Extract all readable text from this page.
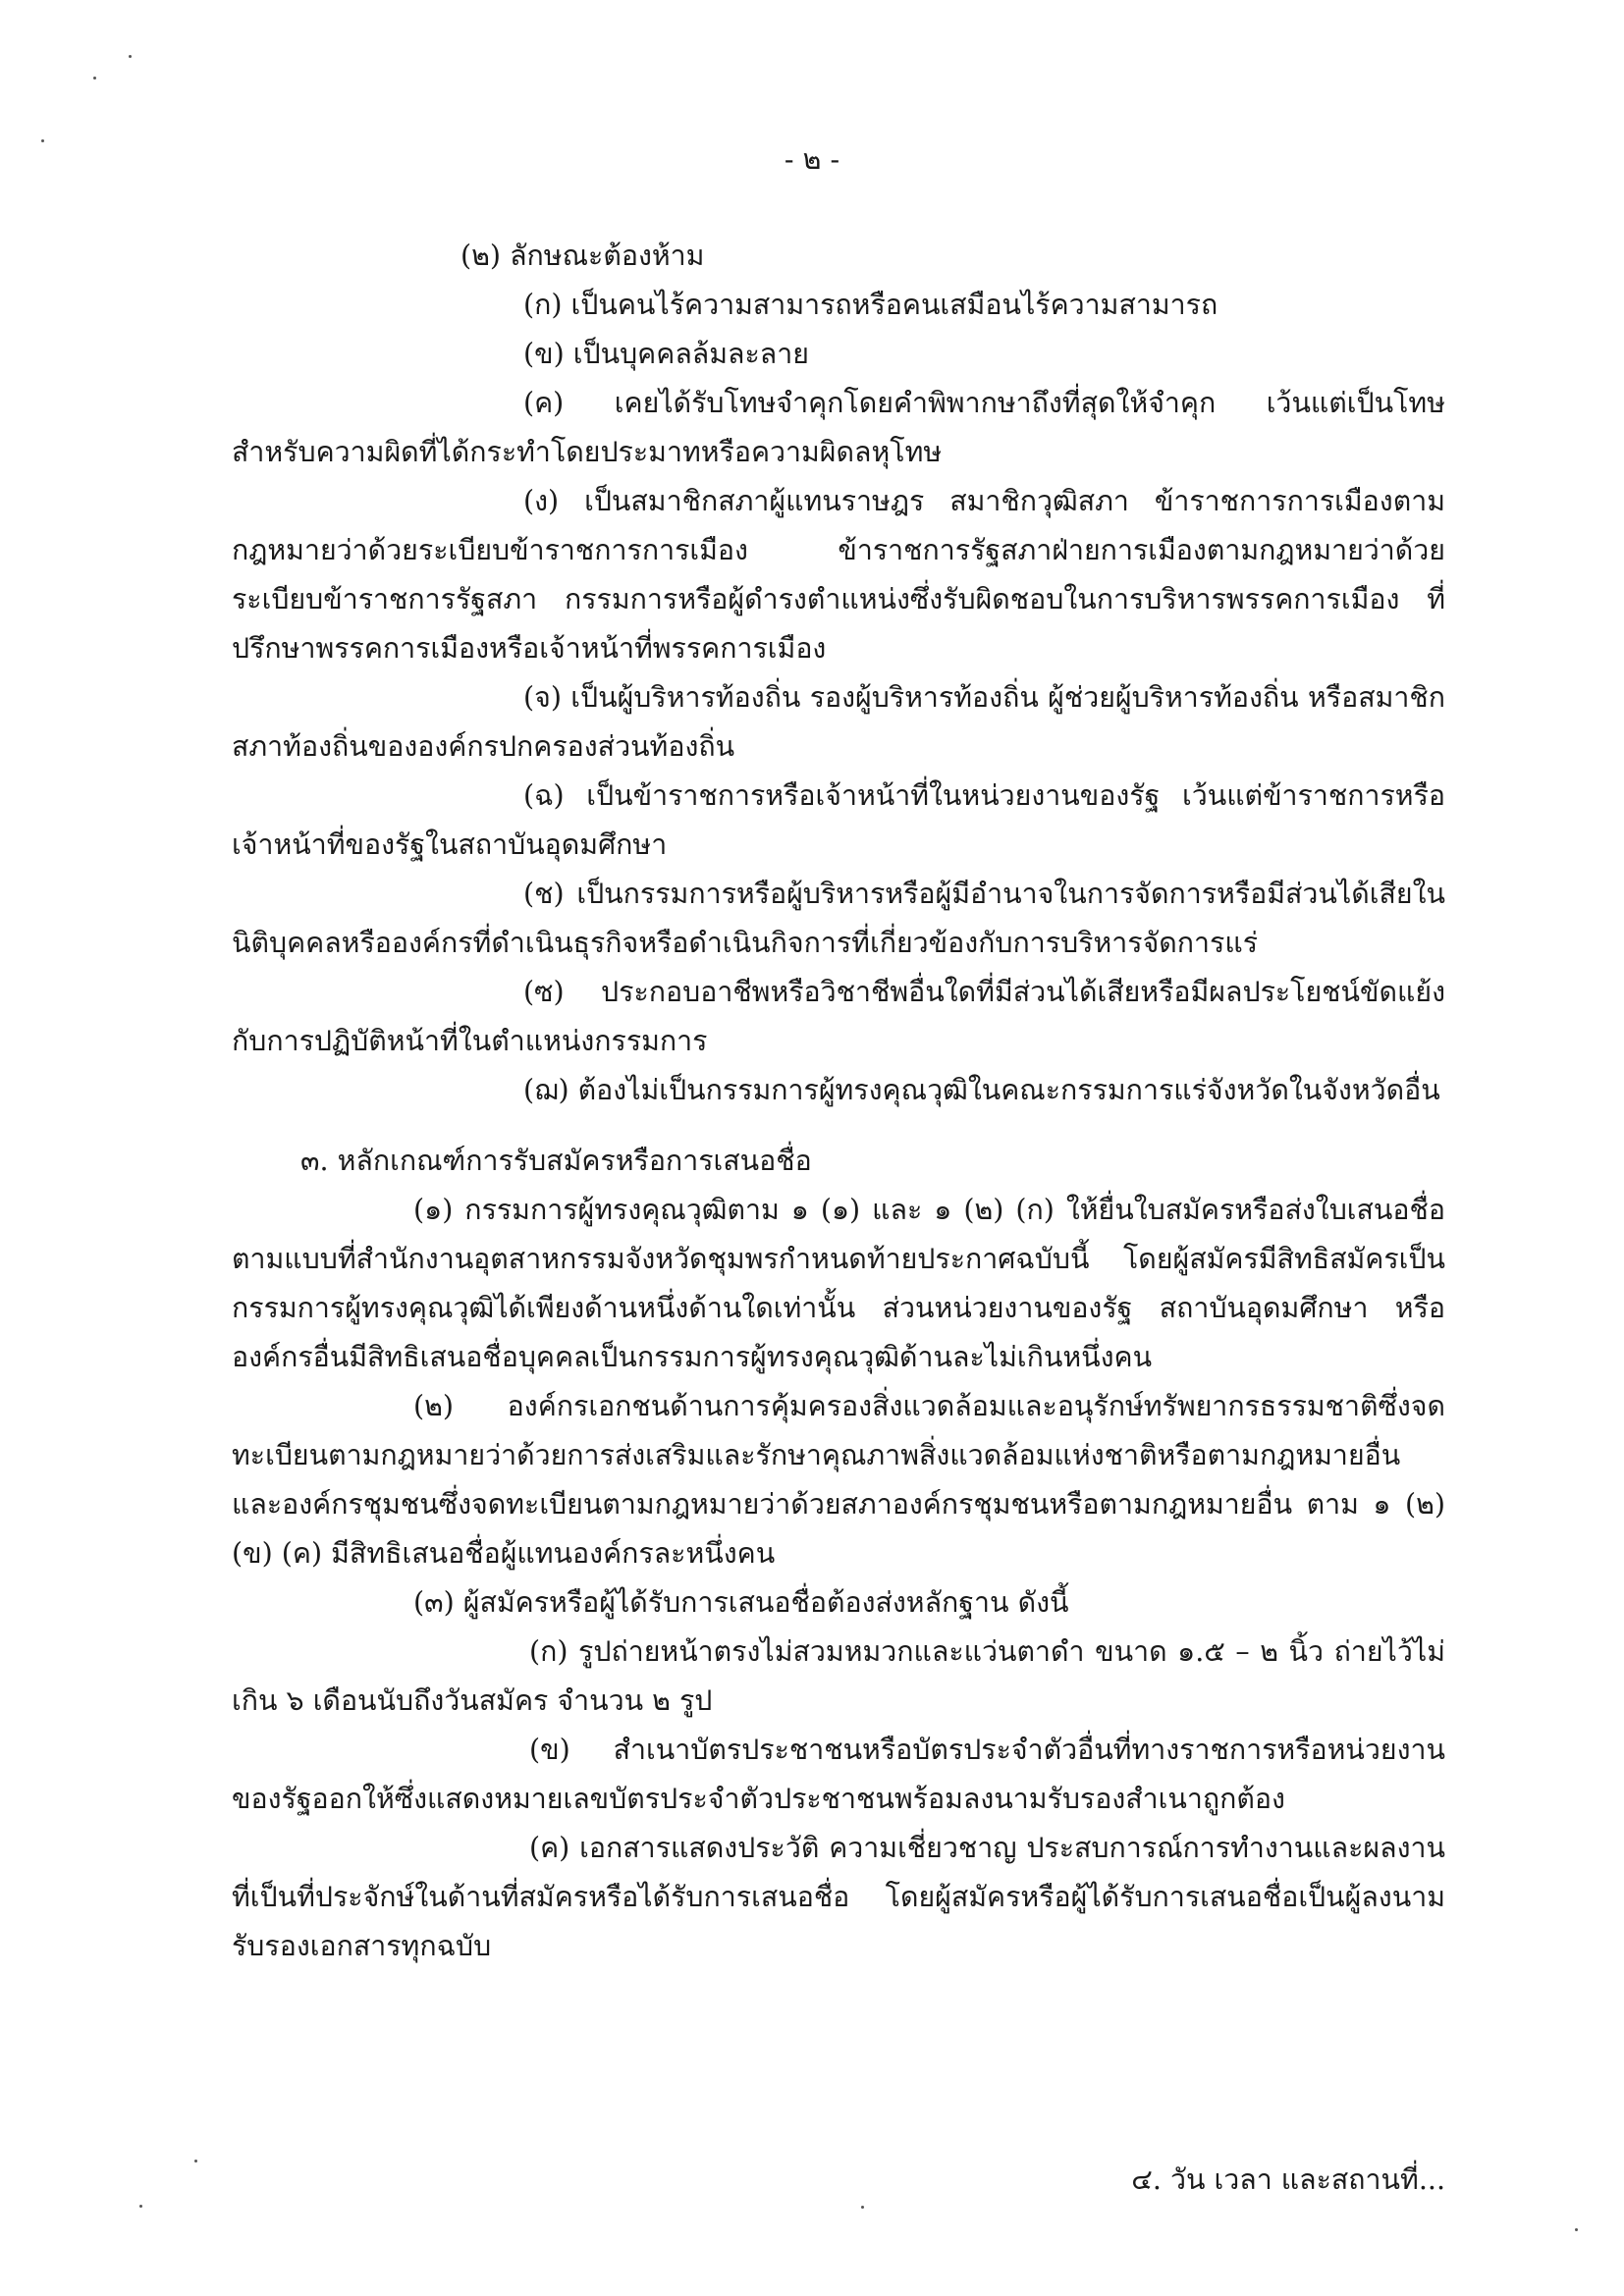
- ๒ -

(๒) ลักษณะต้องห้าม

(ก) เป็นคนไร้ความสามารถหรือคนเสมือนไร้ความสามารถ

(ข) เป็นบุคคลล้มละลาย

(ค) เคยได้รับโทษจำคุกโดยคำพิพากษาถึงที่สุดให้จำคุก เว้นแต่เป็นโทษสำหรับความผิดที่ได้กระทำโดยประมาทหรือความผิดลหุโทษ

(ง) เป็นสมาชิกสภาผู้แทนราษฎร สมาชิกวุฒิสภา ข้าราชการการเมืองตามกฎหมายว่าด้วยระเบียบข้าราชการการเมือง ข้าราชการรัฐสภาฝ่ายการเมืองตามกฎหมายว่าด้วยระเบียบข้าราชการรัฐสภา กรรมการหรือผู้ดำรงตำแหน่งซึ่งรับผิดชอบในการบริหารพรรคการเมือง ที่ปรึกษาพรรคการเมืองหรือเจ้าหน้าที่พรรคการเมือง

(จ) เป็นผู้บริหารท้องถิ่น รองผู้บริหารท้องถิ่น ผู้ช่วยผู้บริหารท้องถิ่น หรือสมาชิกสภาท้องถิ่นขององค์กรปกครองส่วนท้องถิ่น

(ฉ) เป็นข้าราชการหรือเจ้าหน้าที่ในหน่วยงานของรัฐ เว้นแต่ข้าราชการหรือเจ้าหน้าที่ของรัฐในสถาบันอุดมศึกษา

(ช) เป็นกรรมการหรือผู้บริหารหรือผู้มีอำนาจในการจัดการหรือมีส่วนได้เสียในนิติบุคคลหรือองค์กรที่ดำเนินธุรกิจหรือดำเนินกิจการที่เกี่ยวข้องกับการบริหารจัดการแร่

(ซ) ประกอบอาชีพหรือวิชาชีพอื่นใดที่มีส่วนได้เสียหรือมีผลประโยชน์ขัดแย้งกับการปฏิบัติหน้าที่ในตำแหน่งกรรมการ

(ฌ) ต้องไม่เป็นกรรมการผู้ทรงคุณวุฒิในคณะกรรมการแร่จังหวัดในจังหวัดอื่น

๓. หลักเกณฑ์การรับสมัครหรือการเสนอชื่อ

(๑) กรรมการผู้ทรงคุณวุฒิตาม ๑ (๑) และ ๑ (๒) (ก) ให้ยื่นใบสมัครหรือส่งใบเสนอชื่อตามแบบที่สำนักงานอุตสาหกรรมจังหวัดชุมพรกำหนดท้ายประกาศฉบับนี้ โดยผู้สมัครมีสิทธิสมัครเป็นกรรมการผู้ทรงคุณวุฒิได้เพียงด้านหนึ่งด้านใดเท่านั้น ส่วนหน่วยงานของรัฐ สถาบันอุดมศึกษา หรือองค์กรอื่นมีสิทธิเสนอชื่อบุคคลเป็นกรรมการผู้ทรงคุณวุฒิด้านละไม่เกินหนึ่งคน

(๒) องค์กรเอกชนด้านการคุ้มครองสิ่งแวดล้อมและอนุรักษ์ทรัพยากรธรรมชาติซึ่งจดทะเบียนตามกฎหมายว่าด้วยการส่งเสริมและรักษาคุณภาพสิ่งแวดล้อมแห่งชาติหรือตามกฎหมายอื่นและองค์กรชุมชนซึ่งจดทะเบียนตามกฎหมายว่าด้วยสภาองค์กรชุมชนหรือตามกฎหมายอื่น ตาม ๑ (๒) (ข) (ค) มีสิทธิเสนอชื่อผู้แทนองค์กรละหนึ่งคน

(๓) ผู้สมัครหรือผู้ได้รับการเสนอชื่อต้องส่งหลักฐาน ดังนี้

(ก) รูปถ่ายหน้าตรงไม่สวมหมวกและแว่นตาดำ ขนาด ๑.๕ – ๒ นิ้ว ถ่ายไว้ไม่เกิน ๖ เดือนนับถึงวันสมัคร จำนวน ๒ รูป

(ข) สำเนาบัตรประชาชนหรือบัตรประจำตัวอื่นที่ทางราชการหรือหน่วยงานของรัฐออกให้ซึ่งแสดงหมายเลขบัตรประจำตัวประชาชนพร้อมลงนามรับรองสำเนาถูกต้อง

(ค) เอกสารแสดงประวัติ ความเชี่ยวชาญ ประสบการณ์การทำงานและผลงานที่เป็นที่ประจักษ์ในด้านที่สมัครหรือได้รับการเสนอชื่อ โดยผู้สมัครหรือผู้ได้รับการเสนอชื่อเป็นผู้ลงนามรับรองเอกสารทุกฉบับ

๔. วัน เวลา และสถานที่...
